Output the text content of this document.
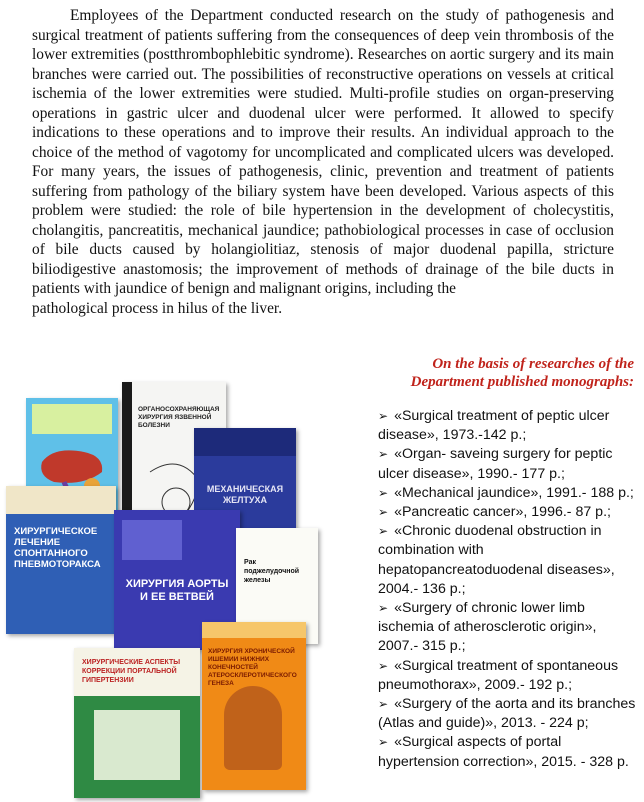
Employees of the Department conducted research on the study of pathogenesis and surgical treatment of patients suffering from the consequences of deep vein thrombosis of the lower extremities (postthrombophlebitic syndrome). Researches on aortic surgery and its main branches were carried out. The possibilities of reconstructive operations on vessels at critical ischemia of the lower extremities were studied. Multi-profile studies on organ-preserving operations in gastric ulcer and duodenal ulcer were performed. It allowed to specify indications to these operations and to improve their results. An individual approach to the choice of the method of vagotomy for uncomplicated and complicated ulcers was developed. For many years, the issues of pathogenesis, clinic, prevention and treatment of patients suffering from pathology of the biliary system have been developed. Various aspects of this problem were studied: the role of bile hypertension in the development of cholecystitis, cholangitis, pancreatitis, mechanical jaundice; pathobiological processes in case of occlusion of bile ducts caused by holangiolitiaz, stenosis of major duodenal papilla, stricture biliodigestive anastomosis; the improvement of methods of drainage of the bile ducts in patients with jaundice of benign and malignant origins, including the
pathological process in hilus of the liver.

On the basis of researches of the Department published monographs:
➢ «Surgical treatment of peptic ulcer disease», 1973.-142 p.;
➢ «Organ- saveing surgery for peptic ulcer disease», 1990.- 177 p.;
➢ «Mechanical jaundice», 1991.- 188 p.;
➢ «Pancreatic cancer», 1996.- 87 p.;
➢ «Chronic duodenal obstruction in combination with hepatopancreatoduodenal diseases», 2004.- 136 p.;
➢ «Surgery of chronic lower limb ischemia of atherosclerotic origin», 2007.- 315 p.;
➢ «Surgical treatment of spontaneous pneumothorax», 2009.- 192 p.;
➢ «Surgery of the aorta and its branches (Atlas and guide)», 2013. - 224 p;
➢ «Surgical aspects of portal hypertension correction», 2015. - 328 p.
ОРГАНОСОХРАНЯЮЩАЯ ХИРУРГИЯ ЯЗВЕННОЙ БОЛЕЗНИ
МЕХАНИЧЕСКАЯ ЖЕЛТУХА
ХИРУРГИЧЕСКОЕ ЛЕЧЕНИЕ СПОНТАННОГО ПНЕВМОТОРАКСА
ХИРУРГИЯ АОРТЫ И ЕЕ ВЕТВЕЙ
Рак поджелудочной железы
ХИРУРГИЧЕСКИЕ АСПЕКТЫ КОРРЕКЦИИ ПОРТАЛЬНОЙ ГИПЕРТЕНЗИИ
ХИРУРГИЯ ХРОНИЧЕСКОЙ ИШЕМИИ НИЖНИХ КОНЕЧНОСТЕЙ АТЕРОСКЛЕРОТИЧЕСКОГО ГЕНЕЗА
